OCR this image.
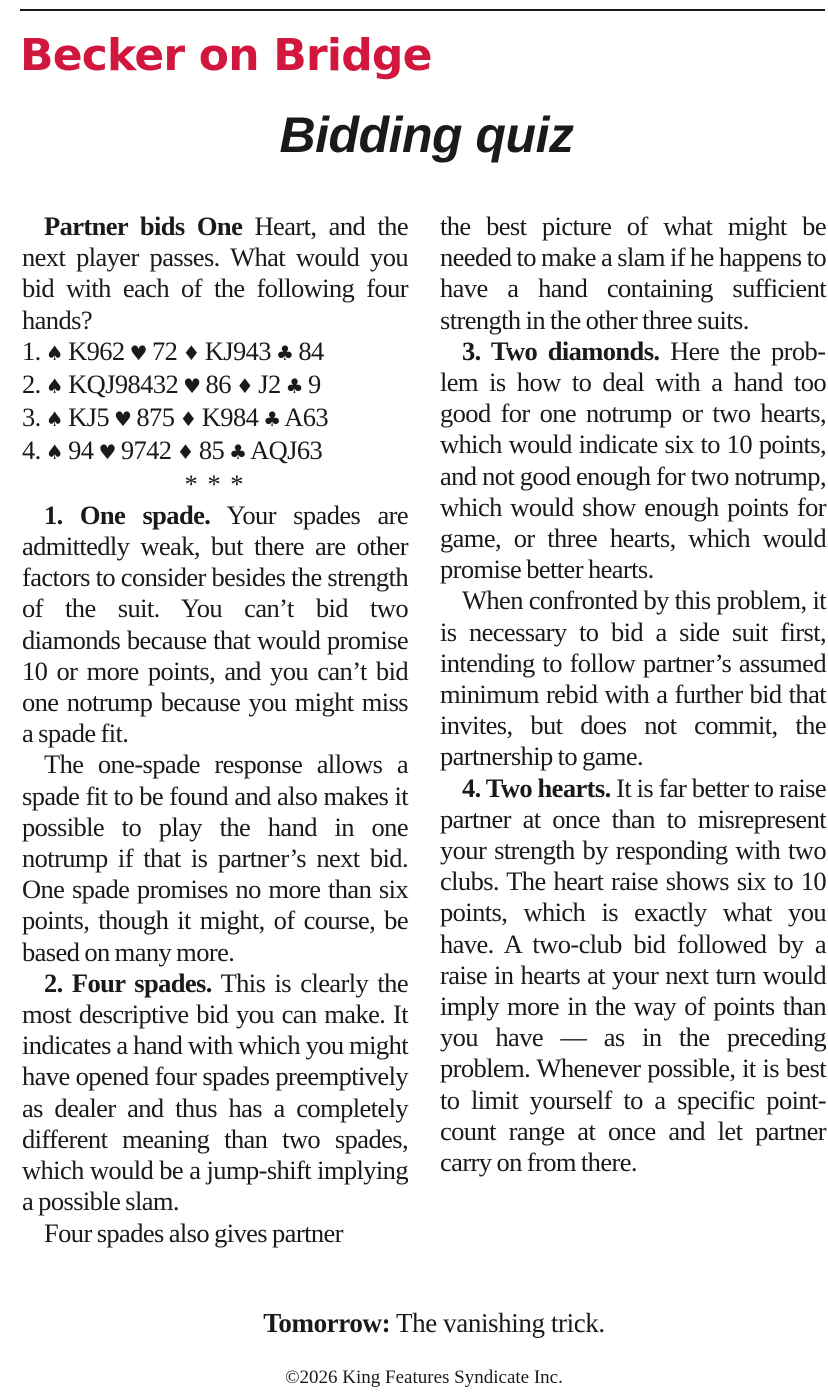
Becker on Bridge
Bidding quiz

Partner bids One Heart, and the next player passes. What would you bid with each of the following four hands?

1. ♠ K962 ♥ 72 ♦ KJ943 ♣ 84

2. ♠ KQJ98432 ♥ 86 ♦ J2 ♣ 9

3. ♠ KJ5 ♥ 875 ♦ K984 ♣ A63

4. ♠ 94 ♥ 9742 ♦ 85 ♣ AQJ63

* * *

1. One spade. Your spades are admittedly weak, but there are other factors to consider besides the strength of the suit. You can’t bid two diamonds because that would promise 10 or more points, and you can’t bid one notrump because you might miss a spade fit.

The one-spade response allows a spade fit to be found and also makes it possible to play the hand in one notrump if that is partner’s next bid. One spade promises no more than six points, though it might, of course, be based on many more.

2. Four spades. This is clearly the most descriptive bid you can make. It indicates a hand with which you might have opened four spades preemptively as dealer and thus has a completely different meaning than two spades, which would be a jump-shift implying a possible slam.

Four spades also gives partner

the best picture of what might be needed to make a slam if he happens to have a hand containing sufficient strength in the other three suits.

3. Two diamonds. Here the problem is how to deal with a hand too good for one notrump or two hearts, which would indicate six to 10 points, and not good enough for two notrump, which would show enough points for game, or three hearts, which would promise better hearts.

When confronted by this problem, it is necessary to bid a side suit first, intending to follow partner’s assumed minimum rebid with a further bid that invites, but does not commit, the partnership to game.

4. Two hearts. It is far better to raise partner at once than to misrepresent your strength by responding with two clubs. The heart raise shows six to 10 points, which is exactly what you have. A two-club bid followed by a raise in hearts at your next turn would imply more in the way of points than you have — as in the preceding problem. Whenever possible, it is best to limit yourself to a specific point-count range at once and let partner carry on from there.

Tomorrow: The vanishing trick.
©2026 King Features Syndicate Inc.
